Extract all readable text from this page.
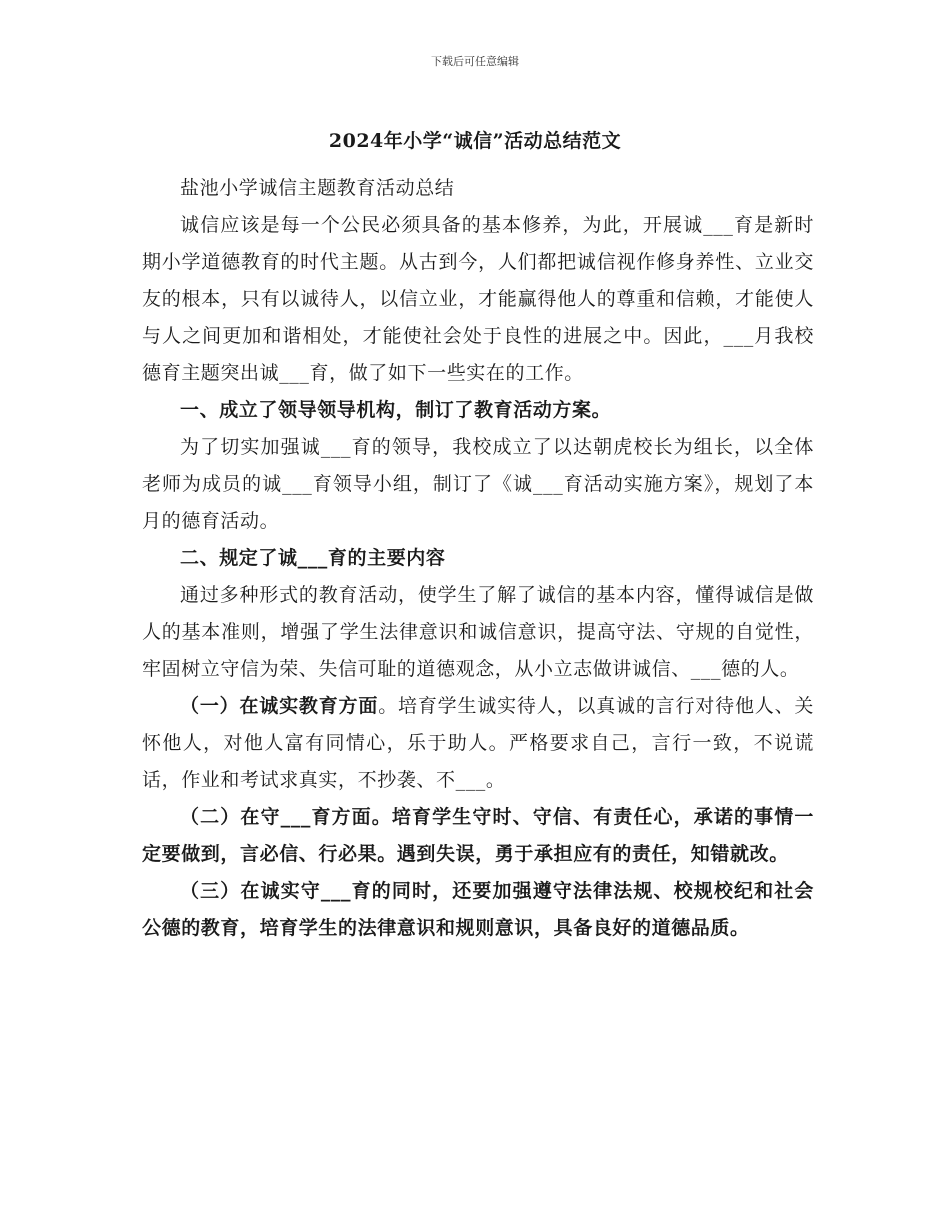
下载后可任意编辑
2024年小学“诚信”活动总结范文

盐池小学诚信主题教育活动总结

诚信应该是每一个公民必须具备的基本修养，为此，开展诚___育是新时期小学道德教育的时代主题。从古到今，人们都把诚信视作修身养性、立业交友的根本，只有以诚待人，以信立业，才能赢得他人的尊重和信赖，才能使人与人之间更加和谐相处，才能使社会处于良性的进展之中。因此，___月我校德育主题突出诚___育，做了如下一些实在的工作。

一、成立了领导领导机构，制订了教育活动方案。

为了切实加强诚___育的领导，我校成立了以达朝虎校长为组长，以全体老师为成员的诚___育领导小组，制订了《诚___育活动实施方案》，规划了本月的德育活动。

二、规定了诚___育的主要内容

通过多种形式的教育活动，使学生了解了诚信的基本内容，懂得诚信是做人的基本准则，增强了学生法律意识和诚信意识，提高守法、守规的自觉性，牢固树立守信为荣、失信可耻的道德观念，从小立志做讲诚信、___德的人。

（一）在诚实教育方面。培育学生诚实待人，以真诚的言行对待他人、关怀他人，对他人富有同情心，乐于助人。严格要求自己，言行一致，不说谎话，作业和考试求真实，不抄袭、不___。

（二）在守___育方面。培育学生守时、守信、有责任心，承诺的事情一定要做到，言必信、行必果。遇到失误，勇于承担应有的责任，知错就改。

（三）在诚实守___育的同时，还要加强遵守法律法规、校规校纪和社会公德的教育，培育学生的法律意识和规则意识，具备良好的道德品质。
